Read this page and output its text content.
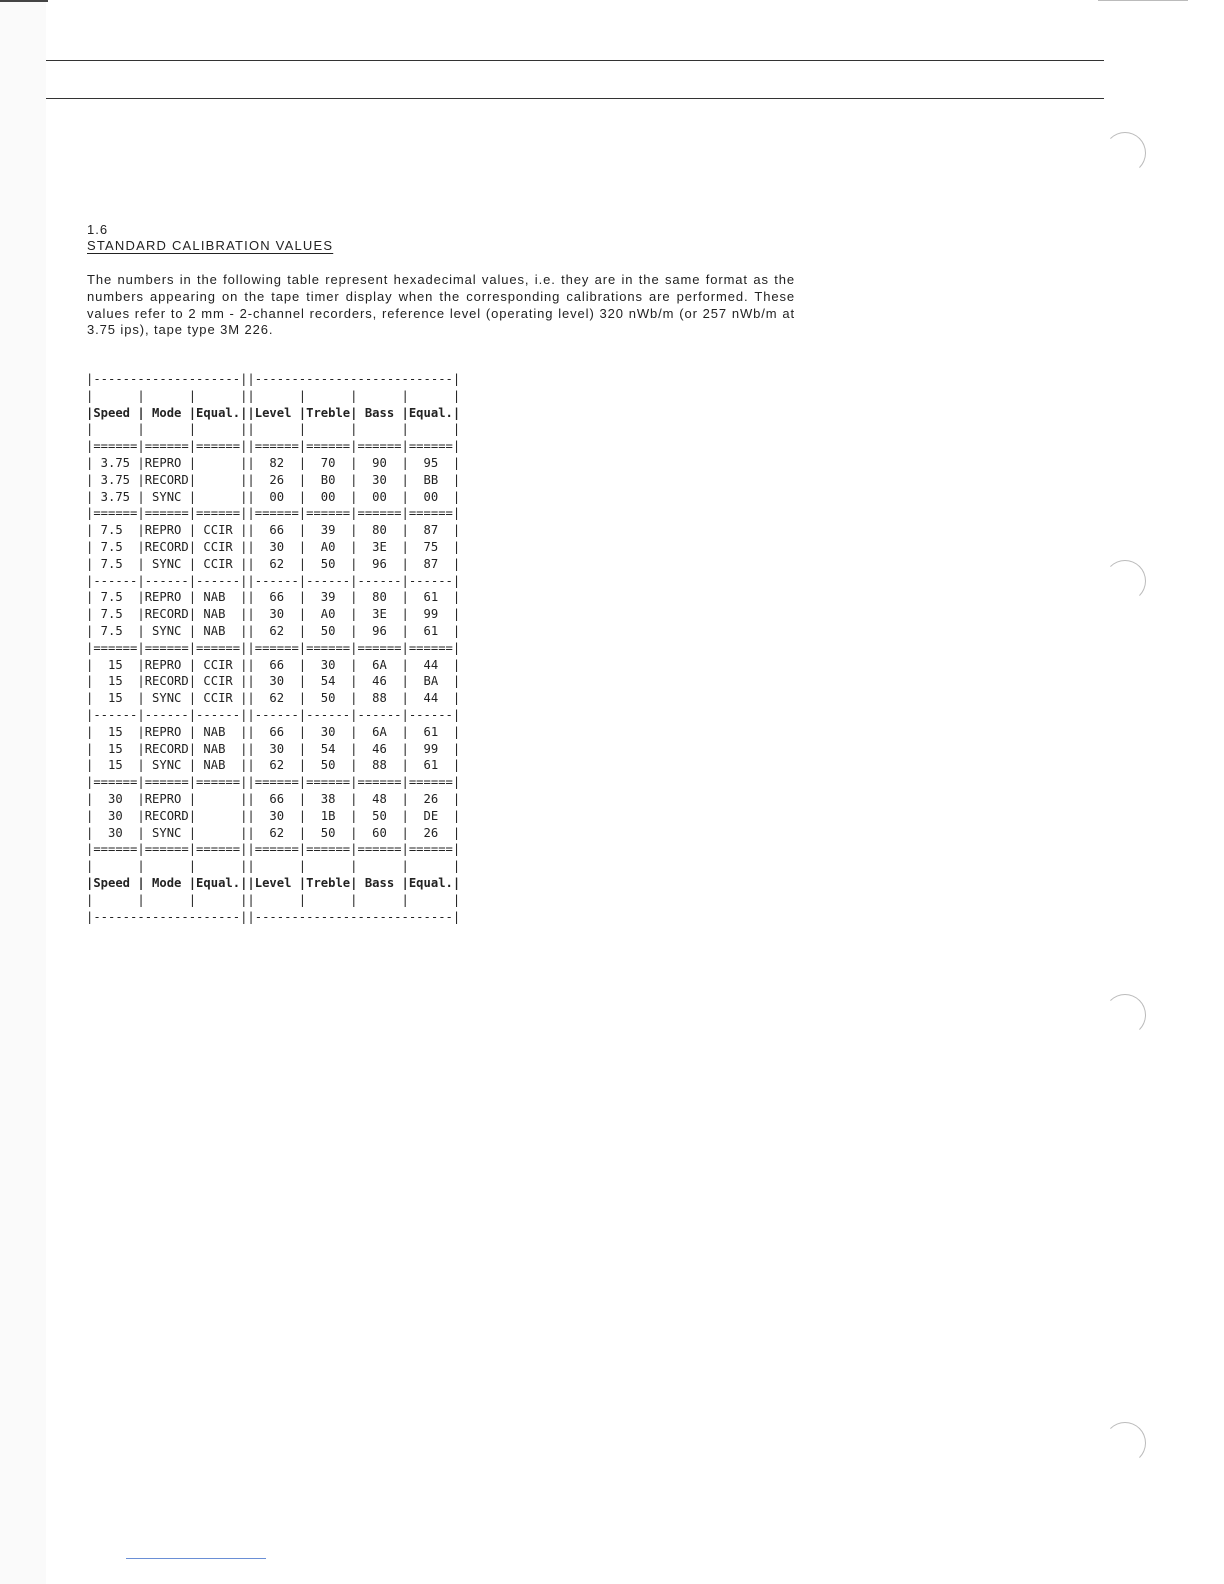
1.6
STANDARD CALIBRATION VALUES

The numbers in the following table represent hexadecimal values, i.e. they are in the same format as the numbers appearing on the tape timer display when the corresponding calibrations are performed. These values refer to 2 mm - 2-channel recorders, reference level (operating level) 320 nWb/m (or 257 nWb/m at 3.75 ips), tape type 3M 226.

|--------------------||---------------------------|
|      |      |      ||      |      |      |      |
|Speed | Mode |Equal.||Level |Treble| Bass |Equal.|
|      |      |      ||      |      |      |      |
|======|======|======||======|======|======|======|
| 3.75 |REPRO |      ||  82  |  70  |  90  |  95  |
| 3.75 |RECORD|      ||  26  |  B0  |  30  |  BB  |
| 3.75 | SYNC |      ||  00  |  00  |  00  |  00  |
|======|======|======||======|======|======|======|
| 7.5  |REPRO | CCIR ||  66  |  39  |  80  |  87  |
| 7.5  |RECORD| CCIR ||  30  |  A0  |  3E  |  75  |
| 7.5  | SYNC | CCIR ||  62  |  50  |  96  |  87  |
|------|------|------||------|------|------|------|
| 7.5  |REPRO | NAB  ||  66  |  39  |  80  |  61  |
| 7.5  |RECORD| NAB  ||  30  |  A0  |  3E  |  99  |
| 7.5  | SYNC | NAB  ||  62  |  50  |  96  |  61  |
|======|======|======||======|======|======|======|
|  15  |REPRO | CCIR ||  66  |  30  |  6A  |  44  |
|  15  |RECORD| CCIR ||  30  |  54  |  46  |  BA  |
|  15  | SYNC | CCIR ||  62  |  50  |  88  |  44  |
|------|------|------||------|------|------|------|
|  15  |REPRO | NAB  ||  66  |  30  |  6A  |  61  |
|  15  |RECORD| NAB  ||  30  |  54  |  46  |  99  |
|  15  | SYNC | NAB  ||  62  |  50  |  88  |  61  |
|======|======|======||======|======|======|======|
|  30  |REPRO |      ||  66  |  38  |  48  |  26  |
|  30  |RECORD|      ||  30  |  1B  |  50  |  DE  |
|  30  | SYNC |      ||  62  |  50  |  60  |  26  |
|======|======|======||======|======|======|======|
|      |      |      ||      |      |      |      |
|Speed | Mode |Equal.||Level |Treble| Bass |Equal.|
|      |      |      ||      |      |      |      |
|--------------------||---------------------------|
